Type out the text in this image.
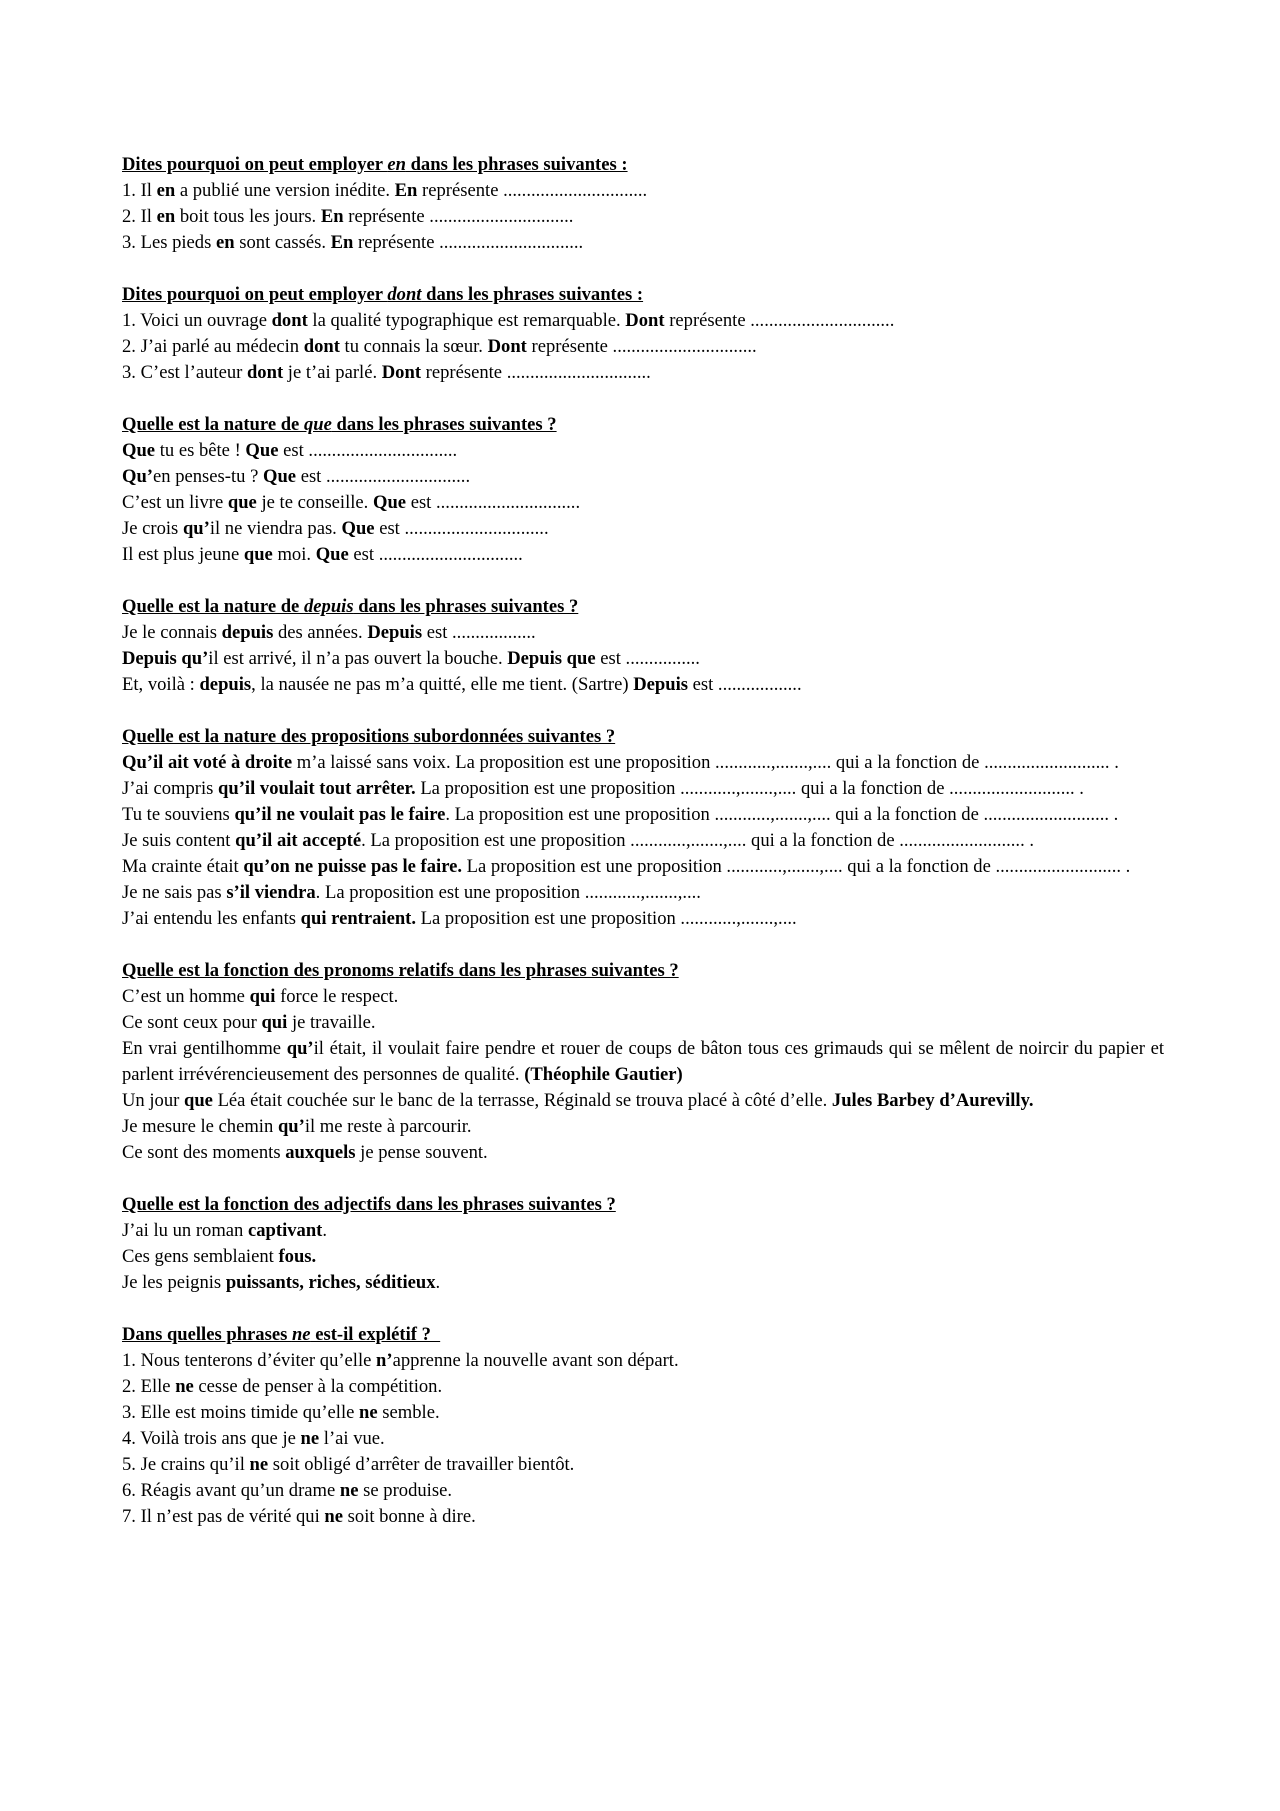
Dites pourquoi on peut employer en dans les phrases suivantes :
1. Il en a publié une version inédite. En représente ...............................
2. Il en boit tous les jours. En représente ...............................
3. Les pieds en sont cassés. En représente ...............................
Dites pourquoi on peut employer dont dans les phrases suivantes :
1. Voici un ouvrage dont la qualité typographique est remarquable. Dont représente ...............................
2. J’ai parlé au médecin dont tu connais la sœur. Dont représente ...............................
3. C’est l’auteur dont je t’ai parlé. Dont représente ...............................
Quelle est la nature de que dans les phrases suivantes ?
Que tu es bête ! Que est ................................
Qu’en penses-tu ? Que est ...............................
C’est un livre que je te conseille. Que est ...............................
Je crois qu’il ne viendra pas. Que est ...............................
Il est plus jeune que moi. Que est ...............................
Quelle est la nature de depuis dans les phrases suivantes ?
Je le connais depuis des années. Depuis est ..................
Depuis qu’il est arrivé, il n’a pas ouvert la bouche. Depuis que est ................
Et, voilà : depuis, la nausée ne pas m’a quitté, elle me tient. (Sartre) Depuis est ..................
Quelle est la nature des propositions subordonnées suivantes ?
Qu’il ait voté à droite m’a laissé sans voix. La proposition est une proposition ............,.......,.... qui a la fonction de ........................... .
J’ai compris qu’il voulait tout arrêter. La proposition est une proposition ............,.......,.... qui a la fonction de ........................... .
Tu te souviens qu’il ne voulait pas le faire. La proposition est une proposition ............,.......,.... qui a la fonction de ........................... .
Je suis content qu’il ait accepté. La proposition est une proposition ............,.......,.... qui a la fonction de ........................... .
Ma crainte était qu’on ne puisse pas le faire. La proposition est une proposition ............,.......,.... qui a la fonction de ........................... .
Je ne sais pas s’il viendra. La proposition est une proposition ............,.......,....
J’ai entendu les enfants qui rentraient. La proposition est une proposition ............,.......,....
Quelle est la fonction des pronoms relatifs dans les phrases suivantes ?
C’est un homme qui force le respect.
Ce sont ceux pour qui je travaille.
En vrai gentilhomme qu’il était, il voulait faire pendre et rouer de coups de bâton tous ces grimauds qui se mêlent de noircir du papier et parlent irrévérencieusement des personnes de qualité. (Théophile Gautier)
Un jour que Léa était couchée sur le banc de la terrasse, Réginald se trouva placé à côté d’elle. Jules Barbey d’Aurevilly.
Je mesure le chemin qu’il me reste à parcourir.
Ce sont des moments auxquels je pense souvent.
Quelle est la fonction des adjectifs dans les phrases suivantes ?
J’ai lu un roman captivant.
Ces gens semblaient fous.
Je les peignis puissants, riches, séditieux.
Dans quelles phrases ne est-il explétif ?
1. Nous tenterons d’éviter qu’elle n’apprenne la nouvelle avant son départ.
2. Elle ne cesse de penser à la compétition.
3. Elle est moins timide qu’elle ne semble.
4. Voilà trois ans que je ne l’ai vue.
5. Je crains qu’il ne soit obligé d’arrêter de travailler bientôt.
6. Réagis avant qu’un drame ne se produise.
7. Il n’est pas de vérité qui ne soit bonne à dire.
